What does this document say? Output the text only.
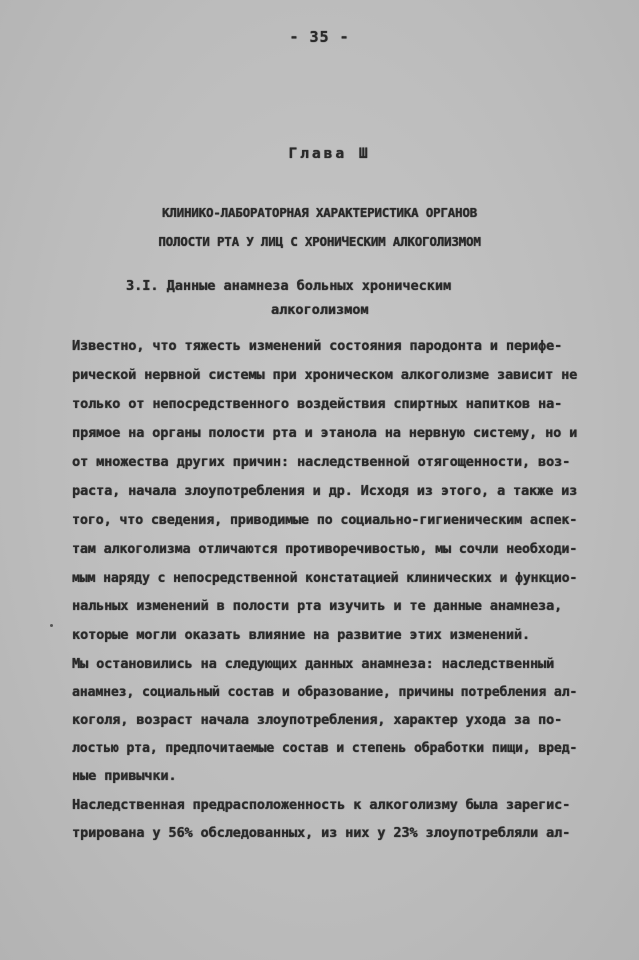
- 35 -
Глава Ш
КЛИНИКО-ЛАБОРАТОРНАЯ ХАРАКТЕРИСТИКА ОРГАНОВ
ПОЛОСТИ РТА У ЛИЦ С ХРОНИЧЕСКИМ АЛКОГОЛИЗМОМ
3.I. Данные анамнеза больных хроническим
алкоголизмом
Известно, что тяжесть изменений состояния пародонта и перифе-
рической нервной системы при хроническом алкоголизме зависит не
только от непосредственного воздействия спиртных напитков на-
прямое на органы полости рта и этанола на нервную систему, но и
от множества других причин: наследственной отягощенности, воз-
раста, начала злоупотребления и др. Исходя из этого, а также из
того, что сведения, приводимые по социально-гигиеническим аспек-
там алкоголизма отличаются противоречивостью, мы сочли необходи-
мым наряду с непосредственной констатацией клинических и функцио-
нальных изменений в полости рта изучить и те данные анамнеза,
которые могли оказать влияние на развитие этих изменений.
Мы остановились на следующих данных анамнеза: наследственный
анамнез, социальный состав и образование, причины потребления ал-
коголя, возраст начала злоупотребления, характер ухода за по-
лостью рта, предпочитаемые состав и степень обработки пищи, вред-
ные привычки.
Наследственная предрасположенность к алкоголизму была зарегис-
трирована у 56% обследованных, из них у 23% злоупотребляли ал-
